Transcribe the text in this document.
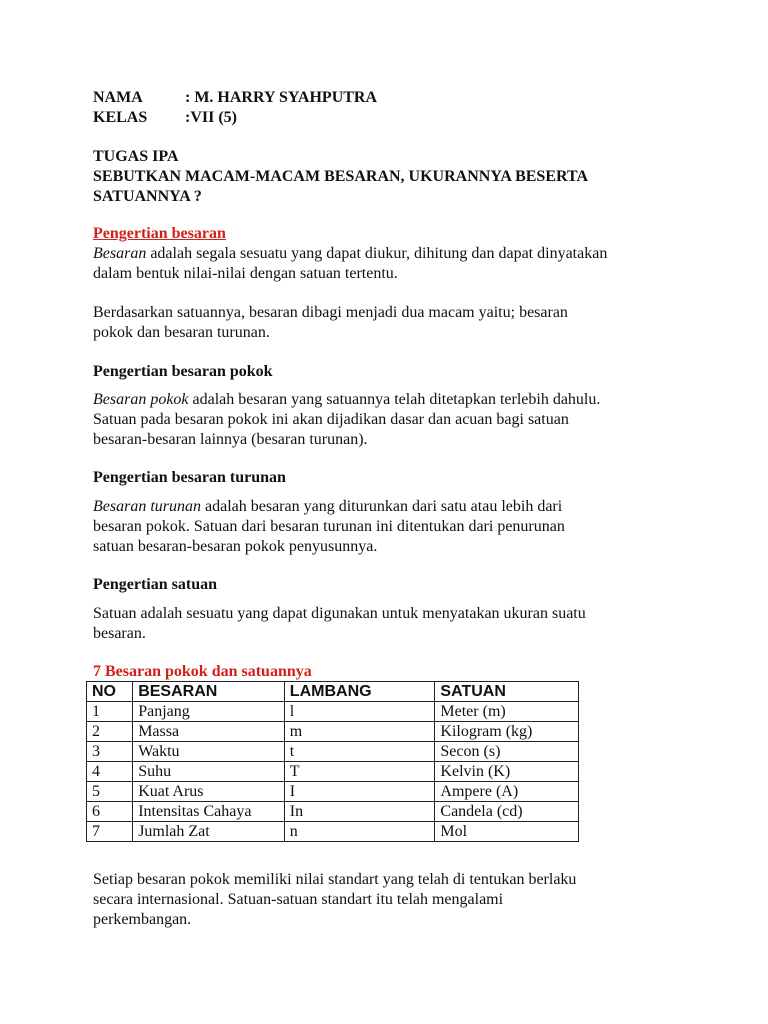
NAMA	: M. HARRY SYAHPUTRA
KELAS	:VII (5)

TUGAS IPA

SEBUTKAN MACAM-MACAM BESARAN, UKURANNYA BESERTA

SATUANNYA ?

Pengertian besaran

Besaran adalah segala sesuatu yang dapat diukur, dihitung dan dapat dinyatakan

dalam bentuk nilai-nilai dengan satuan tertentu.

Berdasarkan satuannya, besaran dibagi menjadi dua macam yaitu; besaran

pokok dan besaran turunan.

Pengertian besaran pokok

Besaran pokok adalah besaran yang satuannya telah ditetapkan terlebih dahulu.

Satuan pada besaran pokok ini akan dijadikan dasar dan acuan bagi satuan

besaran-besaran lainnya (besaran turunan).

Pengertian besaran turunan

Besaran turunan adalah besaran yang diturunkan dari satu atau lebih dari

besaran pokok. Satuan dari besaran turunan ini ditentukan dari penurunan

satuan besaran-besaran pokok penyusunnya.

Pengertian satuan

Satuan adalah sesuatu yang dapat digunakan untuk menyatakan ukuran suatu

besaran.

7 Besaran pokok dan satuannya

NO	BESARAN	LAMBANG	SATUAN
1	Panjang	l	Meter (m)
2	Massa	m	Kilogram (kg)
3	Waktu	t	Secon (s)
4	Suhu	T	Kelvin (K)
5	Kuat Arus	I	Ampere (A)
6	Intensitas Cahaya	In	Candela (cd)
7	Jumlah Zat	n	Mol

Setiap besaran pokok memiliki nilai standart yang telah di tentukan berlaku

secara internasional. Satuan-satuan standart itu telah mengalami

perkembangan.
